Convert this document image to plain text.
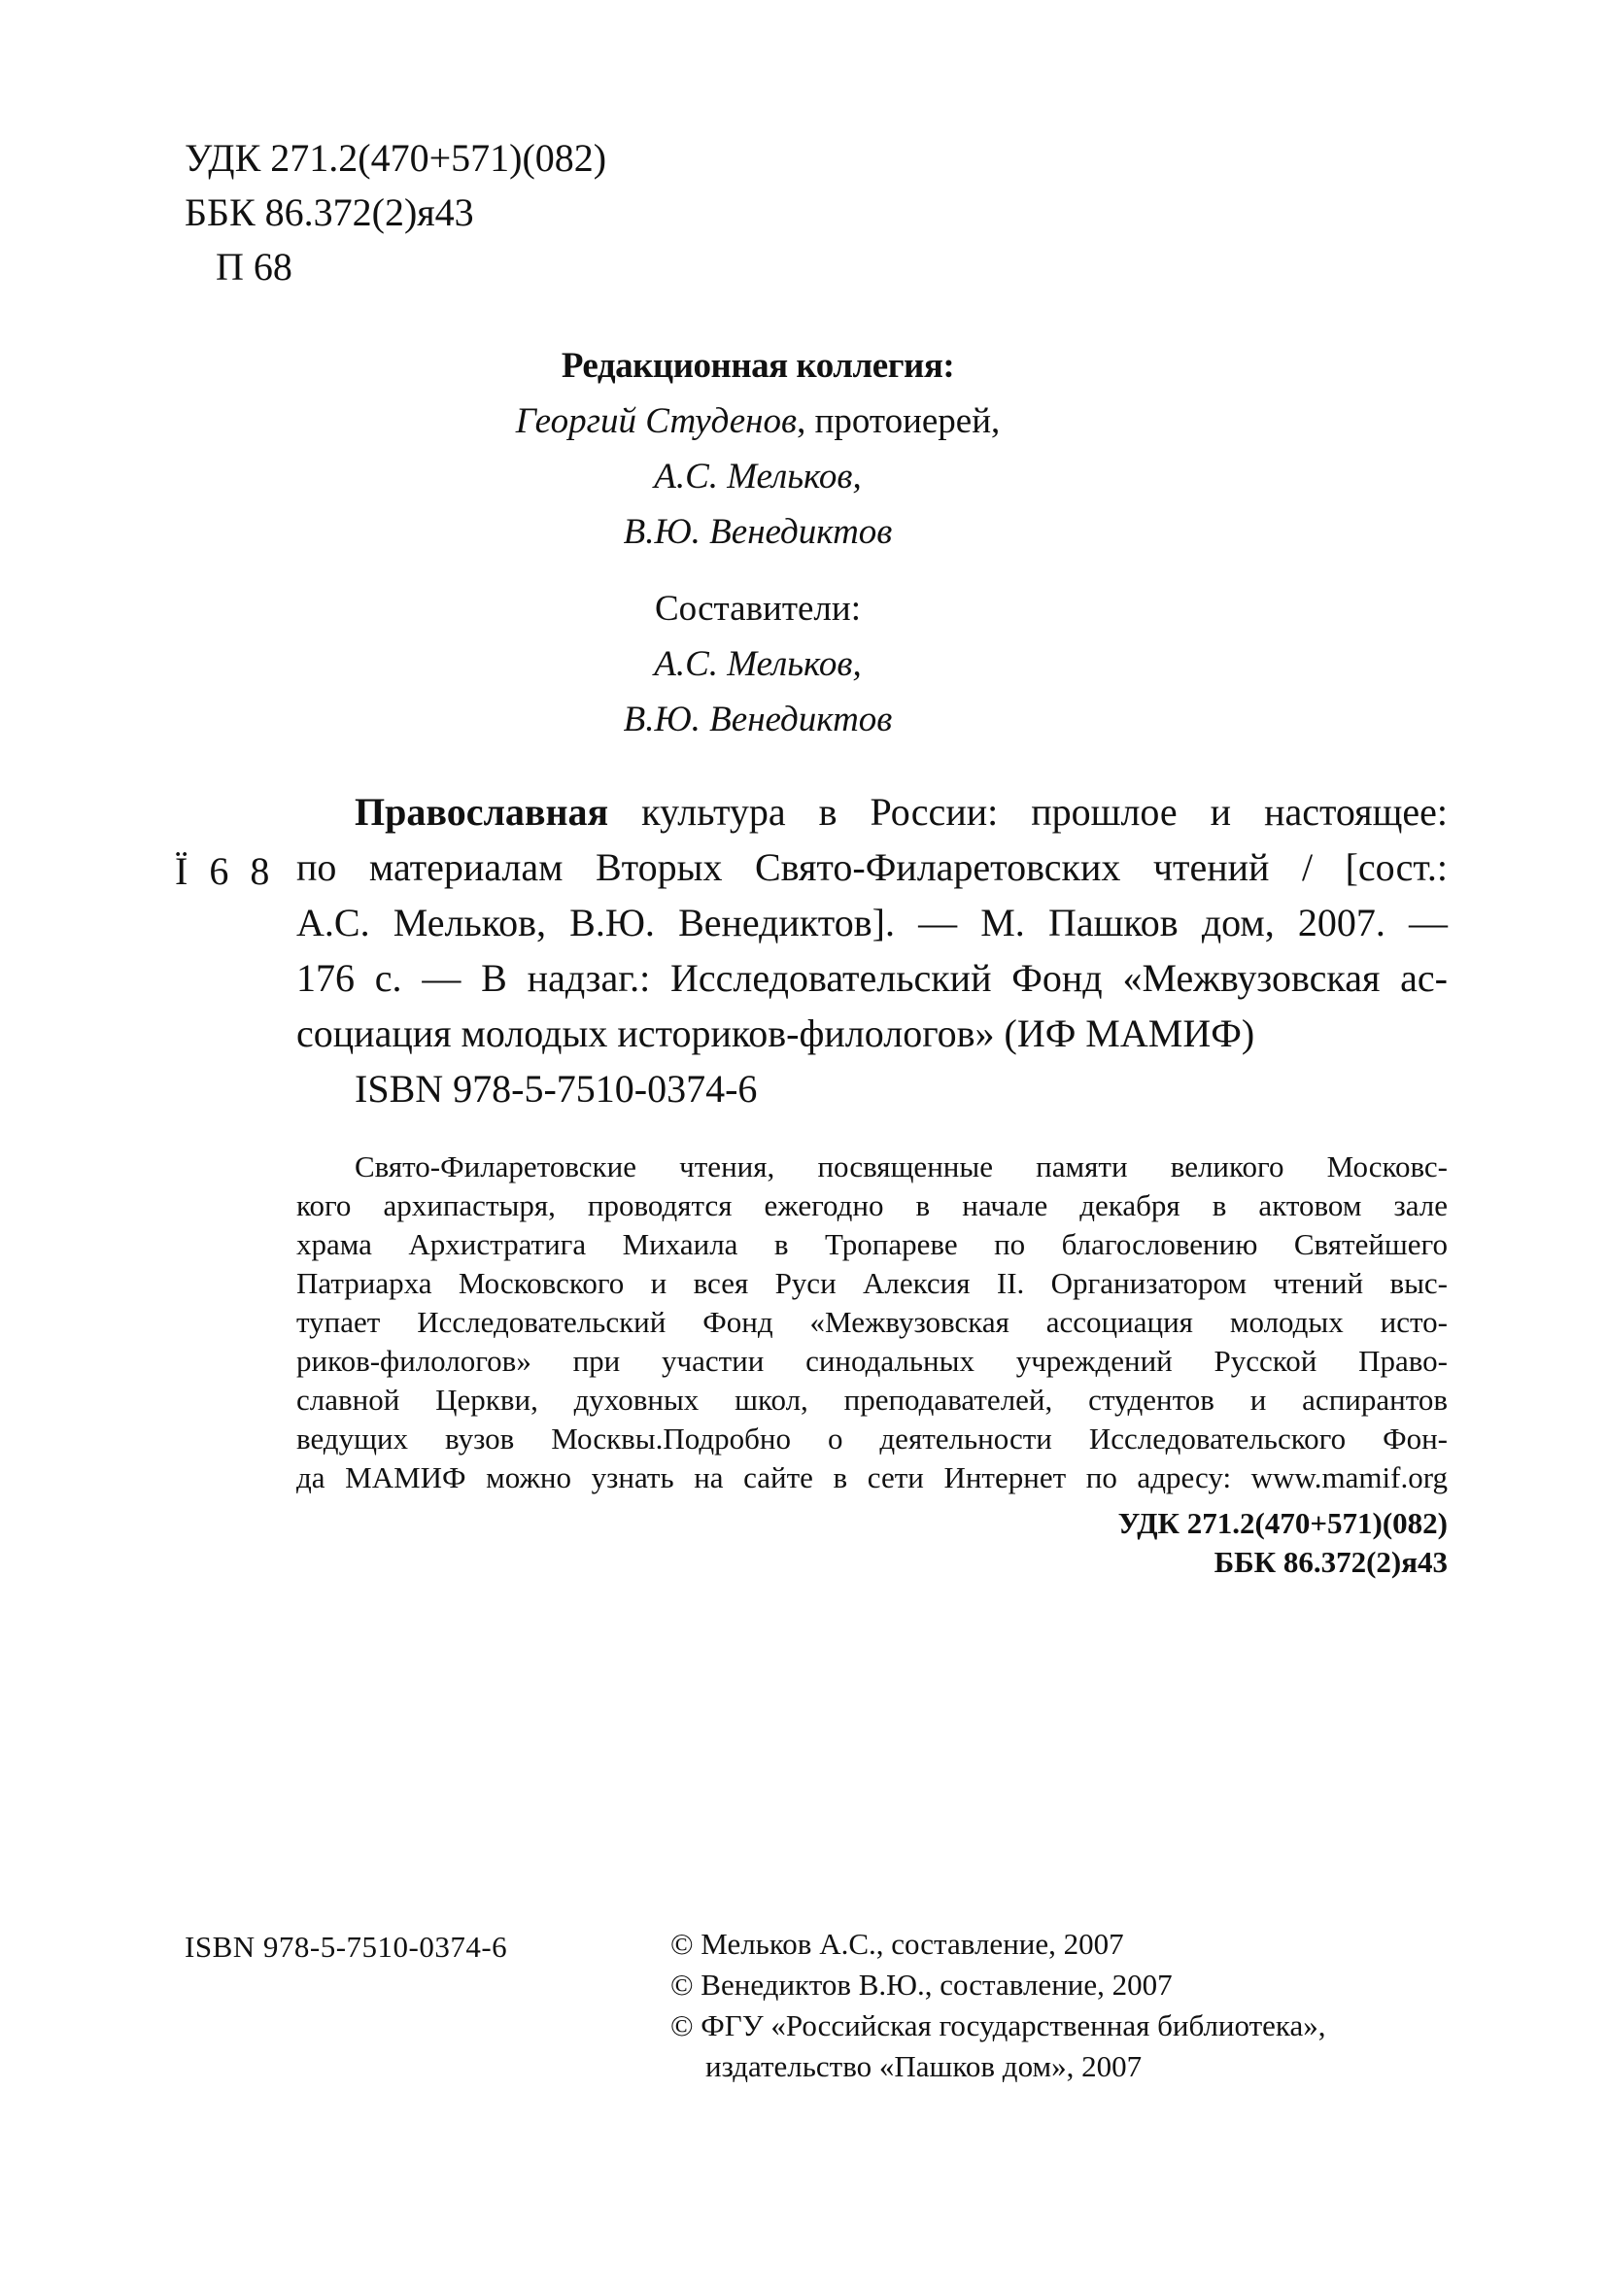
УДК 271.2(470+571)(082)
ББК 86.372(2)я43
П 68
Редакционная коллегия:
Георгий Студенов, протоиерей,
А.С. Мельков,
В.Ю. Венедиктов
Составители:
А.С. Мельков,
В.Ю. Венедиктов
Ï 6 8
Православная культура в России: прошлое и настоящее:
по материалам Вторых Свято-Филаретовских чтений / [сост.:
А.С. Мельков, В.Ю. Венедиктов]. — М. Пашков дом, 2007. —
176 с. — В надзаг.: Исследовательский Фонд «Межвузовская ас-
социация молодых историков-филологов» (ИФ МАМИФ)
ISBN 978-5-7510-0374-6
Свято-Филаретовские чтения, посвященные памяти великого Московс-
кого архипастыря, проводятся ежегодно в начале декабря в актовом зале
храма Архистратига Михаила в Тропареве по благословению Святейшего
Патриарха Московского и всея Руси Алексия II. Организатором чтений выс-
тупает Исследовательский Фонд «Межвузовская ассоциация молодых исто-
риков-филологов» при участии синодальных учреждений Русской Право-
славной Церкви, духовных школ, преподавателей, студентов и аспирантов
ведущих вузов Москвы.Подробно о деятельности Исследовательского Фон-
да МАМИФ можно узнать на сайте в сети Интернет по адресу: www.mamif.org
УДК 271.2(470+571)(082)
ББК 86.372(2)я43
ISBN 978-5-7510-0374-6	© Мельков А.С., составление, 2007
© Венедиктов В.Ю., составление, 2007
© ФГУ «Российская государственная библиотека»,
издательство «Пашков дом», 2007
